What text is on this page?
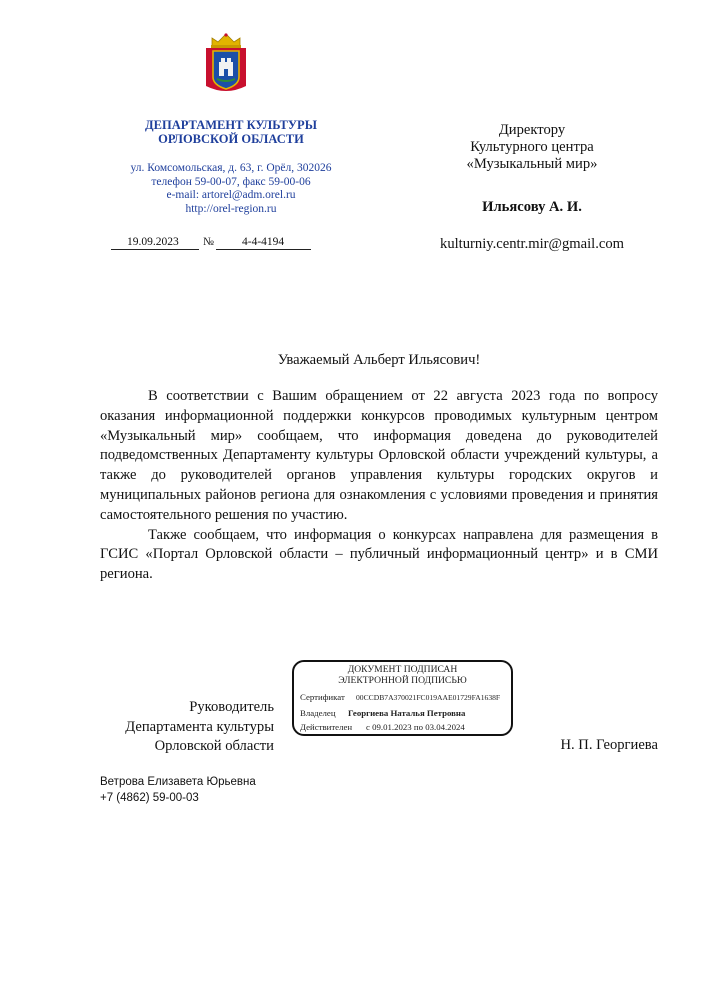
ДЕПАРТАМЕНТ КУЛЬТУРЫ
ОРЛОВСКОЙ ОБЛАСТИ
ул. Комсомольская, д. 63, г. Орёл, 302026
телефон 59-00-07, факс 59-00-06
e-mail: artorel@adm.orel.ru
http://orel-region.ru
19.09.2023 № 4-4-4194
Директору
Культурного центра
«Музыкальный мир»
Ильясову А. И.
kulturniy.centr.mir@gmail.com
Уважаемый Альберт Ильясович!

В соответствии с Вашим обращением от 22 августа 2023 года по вопросу оказания информационной поддержки конкурсов проводимых культурным центром «Музыкальный мир» сообщаем, что информация доведена до руководителей подведомственных Департаменту культуры Орловской области учреждений культуры, а также до руководителей органов управления культуры городских округов и муниципальных районов региона для ознакомления с условиями проведения и принятия самостоятельного решения по участию.

Также сообщаем, что информация о конкурсах направлена для размещения в ГСИС «Портал Орловской области – публичный информационный центр» и в СМИ региона.

Руководитель
Департамента культуры
Орловской области
ДОКУМЕНТ ПОДПИСАН
ЭЛЕКТРОННОЙ ПОДПИСЬЮ
Сертификат 00CCDB7A370021FC019AAE01729FA1638F
Владелец Георгиева Наталья Петровна
Действителен с 09.01.2023 по 03.04.2024
Н. П. Георгиева
Ветрова Елизавета Юрьевна
+7 (4862) 59-00-03
